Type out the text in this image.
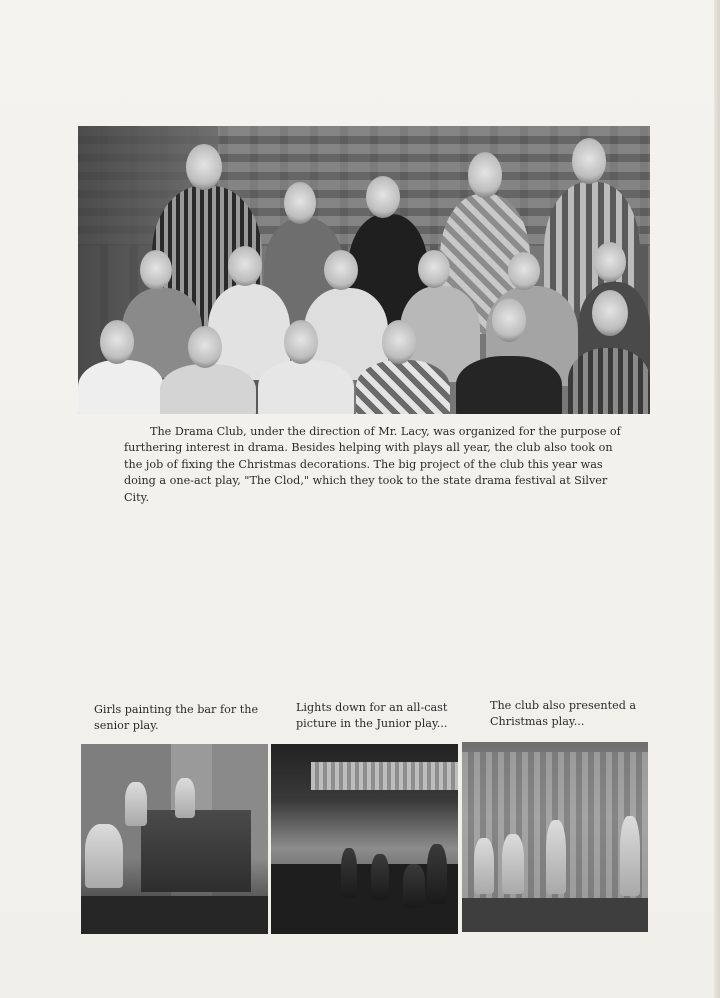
The Drama Club, under the direction of Mr. Lacy, was organized for the purpose of furthering interest in drama. Besides helping with plays all year, the club also took on the job of fixing the Christmas decorations. The big project of the club this year was doing a one-act play, "The Clod," which they took to the state drama festival at Silver City.

Girls painting the bar for the senior play.

Lights down for an all-cast picture in the Junior play...

The club also presented a Christmas play...
